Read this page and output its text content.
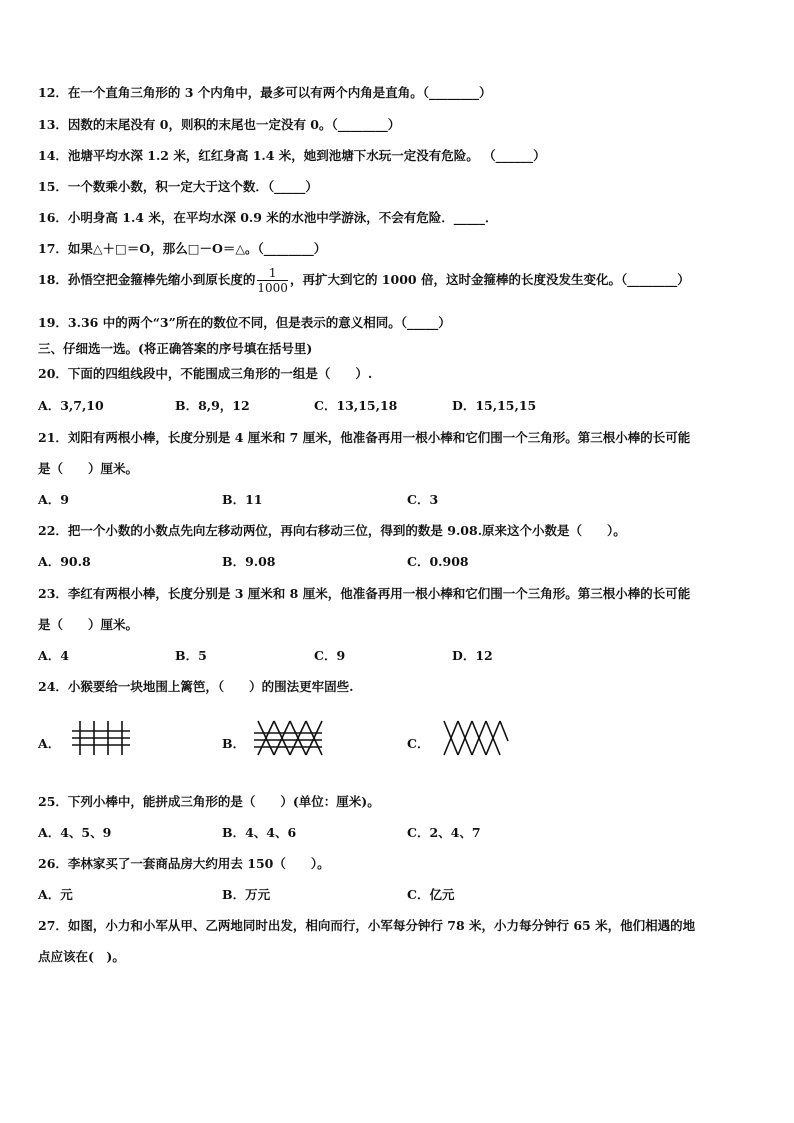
12．在一个直角三角形的 3 个内角中，最多可以有两个内角是直角。（________）
13．因数的末尾没有 0，则积的末尾也一定没有 0。（________）
14．池塘平均水深 1.2 米，红红身高 1.4 米，她到池塘下水玩一定没有危险。 （______）
15．一个数乘小数，积一定大于这个数．（_____）
16．小明身高 1.4 米，在平均水深 0.9 米的水池中学游泳，不会有危险．_____．
17．如果△＋□＝O，那么□－O＝△。（________）
18．孙悟空把金箍棒先缩小到原长度的 $\frac{1}{1000}$ ，再扩大到它的 1000 倍，这时金箍棒的长度没发生变化。（________）
19．3.36 中的两个“3”所在的数位不同，但是表示的意义相同。（_____）
三、仔细选一选。(将正确答案的序号填在括号里)
20．下面的四组线段中，不能围成三角形的一组是（　　）.
A．3,7,10	B．8,9，12	C．13,15,18	D．15,15,15
21．刘阳有两根小棒，长度分别是 4 厘米和 7 厘米，他准备再用一根小棒和它们围一个三角形。第三根小棒的长可能
是（　　）厘米。
A．9	B．11	C．3
22．把一个小数的小数点先向左移动两位，再向右移动三位，得到的数是 9.08.原来这个小数是（　　）。
A．90.8	B．9.08	C．0.908
23．李红有两根小棒，长度分别是 3 厘米和 8 厘米，他准备再用一根小棒和它们围一个三角形。第三根小棒的长可能
是（　　）厘米。
A．4	B．5	C．9	D．12
24．小猴要给一块地围上篱笆，（　　）的围法更牢固些.
A．	B．	C．
25．下列小棒中，能拼成三角形的是（　　）(单位：厘米)。
A．4、5、9	B．4、4、6	C．2、4、7
26．李林家买了一套商品房大约用去 150（　　）。
A．元	B．万元	C．亿元
27．如图，小力和小军从甲、乙两地同时出发，相向而行，小军每分钟行 78 米，小力每分钟行 65 米，他们相遇的地
点应该在(　)。
